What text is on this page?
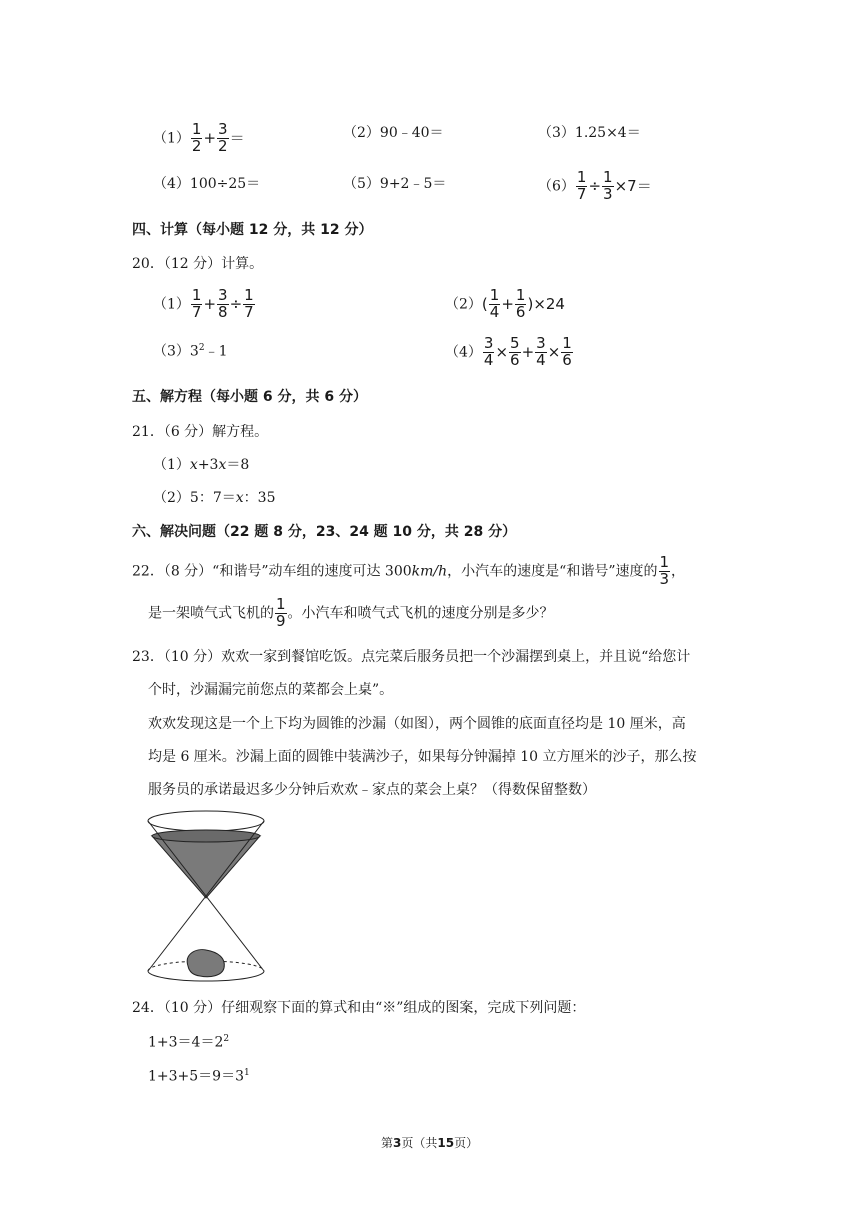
$(1) \frac{1}{2} + \frac{3}{2}$ ＝	（2）90﹣40＝	（3）1.25×4＝
（4）100÷25＝	（5）9+2﹣5＝	$(6) \frac{1}{7} \div \frac{1}{3} \times 7=$
四、计算（每小题 12 分，共 12 分）
20．（12 分）计算。
$(1) \frac{1}{7} + \frac{3}{8} \div \frac{1}{7}$	$(2)( \frac{1}{4} + \frac{1}{6} )\times 24$
$(3)3^2﹣1$	$(4) \frac{3}{4} \times \frac{5}{6} + \frac{3}{4} \times \frac{1}{6}$
五、解方程（每小题 6 分，共 6 分）
21．（6 分）解方程。
（1）x+3x＝8
（2）5：7＝x：35
六、解决问题（22 题 8 分，23、24 题 10 分，共 28 分）
22．（8 分）“和谐号”动车组的速度可达 300km/h，小汽车的速度是“和谐号”速度的 $\frac{1}{3}$ ，
是一架喷气式飞机的 $\frac{1}{9}$ 。小汽车和喷气式飞机的速度分别是多少？
23．（10 分）欢欢一家到餐馆吃饭。点完菜后服务员把一个沙漏摆到桌上，并且说“给您计
个时，沙漏漏完前您点的菜都会上桌”。
欢欢发现这是一个上下均为圆锥的沙漏（如图），两个圆锥的底面直径均是 10 厘米，高
均是 6 厘米。沙漏上面的圆锥中装满沙子，如果每分钟漏掉 10 立方厘米的沙子，那么按
服务员的承诺最迟多少分钟后欢欢﹣家点的菜会上桌？（得数保留整数）
24．（10 分）仔细观察下面的算式和由“※”组成的图案，完成下列问题：
$1+3=4=2^2$
$1+3+5=9=3^1$
第3页（共15页）
